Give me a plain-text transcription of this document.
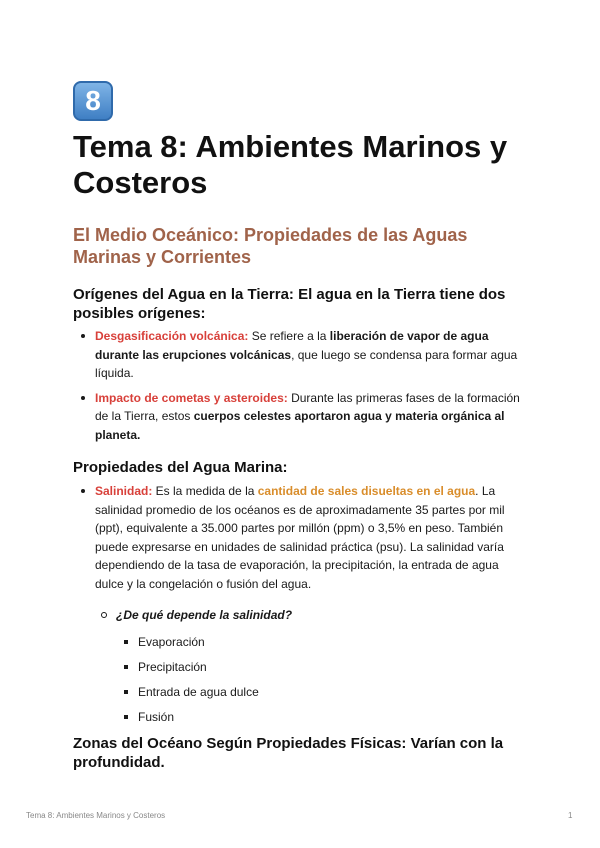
8
Tema 8: Ambientes Marinos y Costeros
El Medio Oceánico: Propiedades de las Aguas Marinas y Corrientes
Orígenes del Agua en la Tierra: El agua en la Tierra tiene dos posibles orígenes:
Desgasificación volcánica: Se refiere a la liberación de vapor de agua durante las erupciones volcánicas, que luego se condensa para formar agua líquida.
Impacto de cometas y asteroides: Durante las primeras fases de la formación de la Tierra, estos cuerpos celestes aportaron agua y materia orgánica al planeta.
Propiedades del Agua Marina:
Salinidad: Es la medida de la cantidad de sales disueltas en el agua. La salinidad promedio de los océanos es de aproximadamente 35 partes por mil (ppt), equivalente a 35.000 partes por millón (ppm) o 3,5% en peso. También puede expresarse en unidades de salinidad práctica (psu). La salinidad varía dependiendo de la tasa de evaporación, la precipitación, la entrada de agua dulce y la congelación o fusión del agua.
¿De qué depende la salinidad?
Evaporación
Precipitación
Entrada de agua dulce
Fusión
Zonas del Océano Según Propiedades Físicas: Varían con la profundidad.
Tema 8: Ambientes Marinos y Costeros	1
